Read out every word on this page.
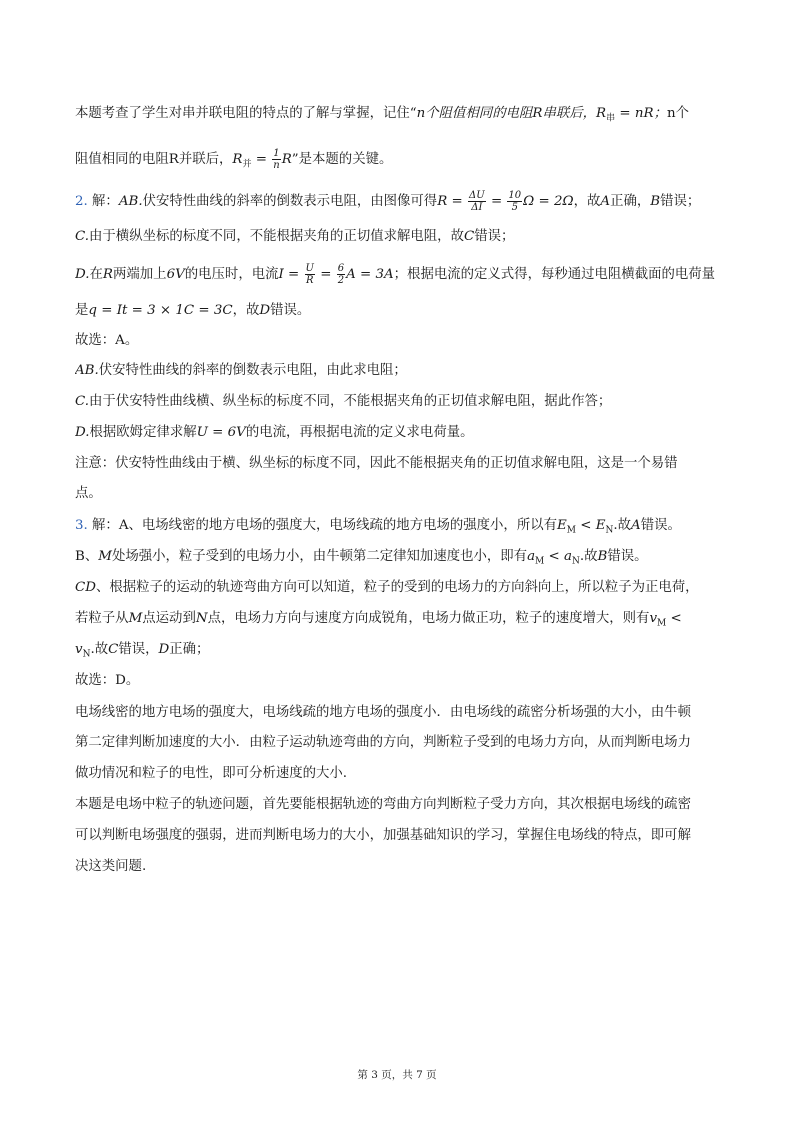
本题考查了学生对串并联电阻的特点的了解与掌握，记住“n个阻值相同的电阻R串联后，$R_串$ = nR；n个
阻值相同的电阻R并联后，$R_并 = \frac{1}{n} R$”是本题的关键。
2. 解：AB.伏安特性曲线的斜率的倒数表示电阻，由图像可得$R = \frac{\Delta U}{\Delta I} = \frac{10}{5}$ Ω = 2Ω，故A正确，B错误；
C.由于横纵坐标的标度不同，不能根据夹角的正切值求解电阻，故C错误；
D.在R两端加上6V的电压时，电流$I = \frac{U}{R} = \frac{6}{2}$ A = 3A；根据电流的定义式得，每秒通过电阻横截面的电荷量
是q = It = 3 × 1C = 3C，故D错误。
故选：A。
AB.伏安特性曲线的斜率的倒数表示电阻，由此求电阻；
C.由于伏安特性曲线横、纵坐标的标度不同，不能根据夹角的正切值求解电阻，据此作答；
D.根据欧姆定律求解U = 6V的电流，再根据电流的定义求电荷量。
注意：伏安特性曲线由于横、纵坐标的标度不同，因此不能根据夹角的正切值求解电阻，这是一个易错
点。
3. 解：A、电场线密的地方电场的强度大，电场线疏的地方电场的强度小，所以有$E_M < E_N$.故A错误。
B、M处场强小，粒子受到的电场力小，由牛顿第二定律知加速度也小，即有$a_M < a_N$.故B错误。
CD、根据粒子的运动的轨迹弯曲方向可以知道，粒子的受到的电场力的方向斜向上，所以粒子为正电荷，
若粒子从M点运动到N点，电场力方向与速度方向成锐角，电场力做正功，粒子的速度增大，则有$v_M$ <
$v_N$.故C错误，D正确；
故选：D。
电场线密的地方电场的强度大，电场线疏的地方电场的强度小．由电场线的疏密分析场强的大小，由牛顿
第二定律判断加速度的大小．由粒子运动轨迹弯曲的方向，判断粒子受到的电场力方向，从而判断电场力
做功情况和粒子的电性，即可分析速度的大小.
本题是电场中粒子的轨迹问题，首先要能根据轨迹的弯曲方向判断粒子受力方向，其次根据电场线的疏密
可以判断电场强度的强弱，进而判断电场力的大小，加强基础知识的学习，掌握住电场线的特点，即可解
决这类问题.
第 3 页，共 7 页
